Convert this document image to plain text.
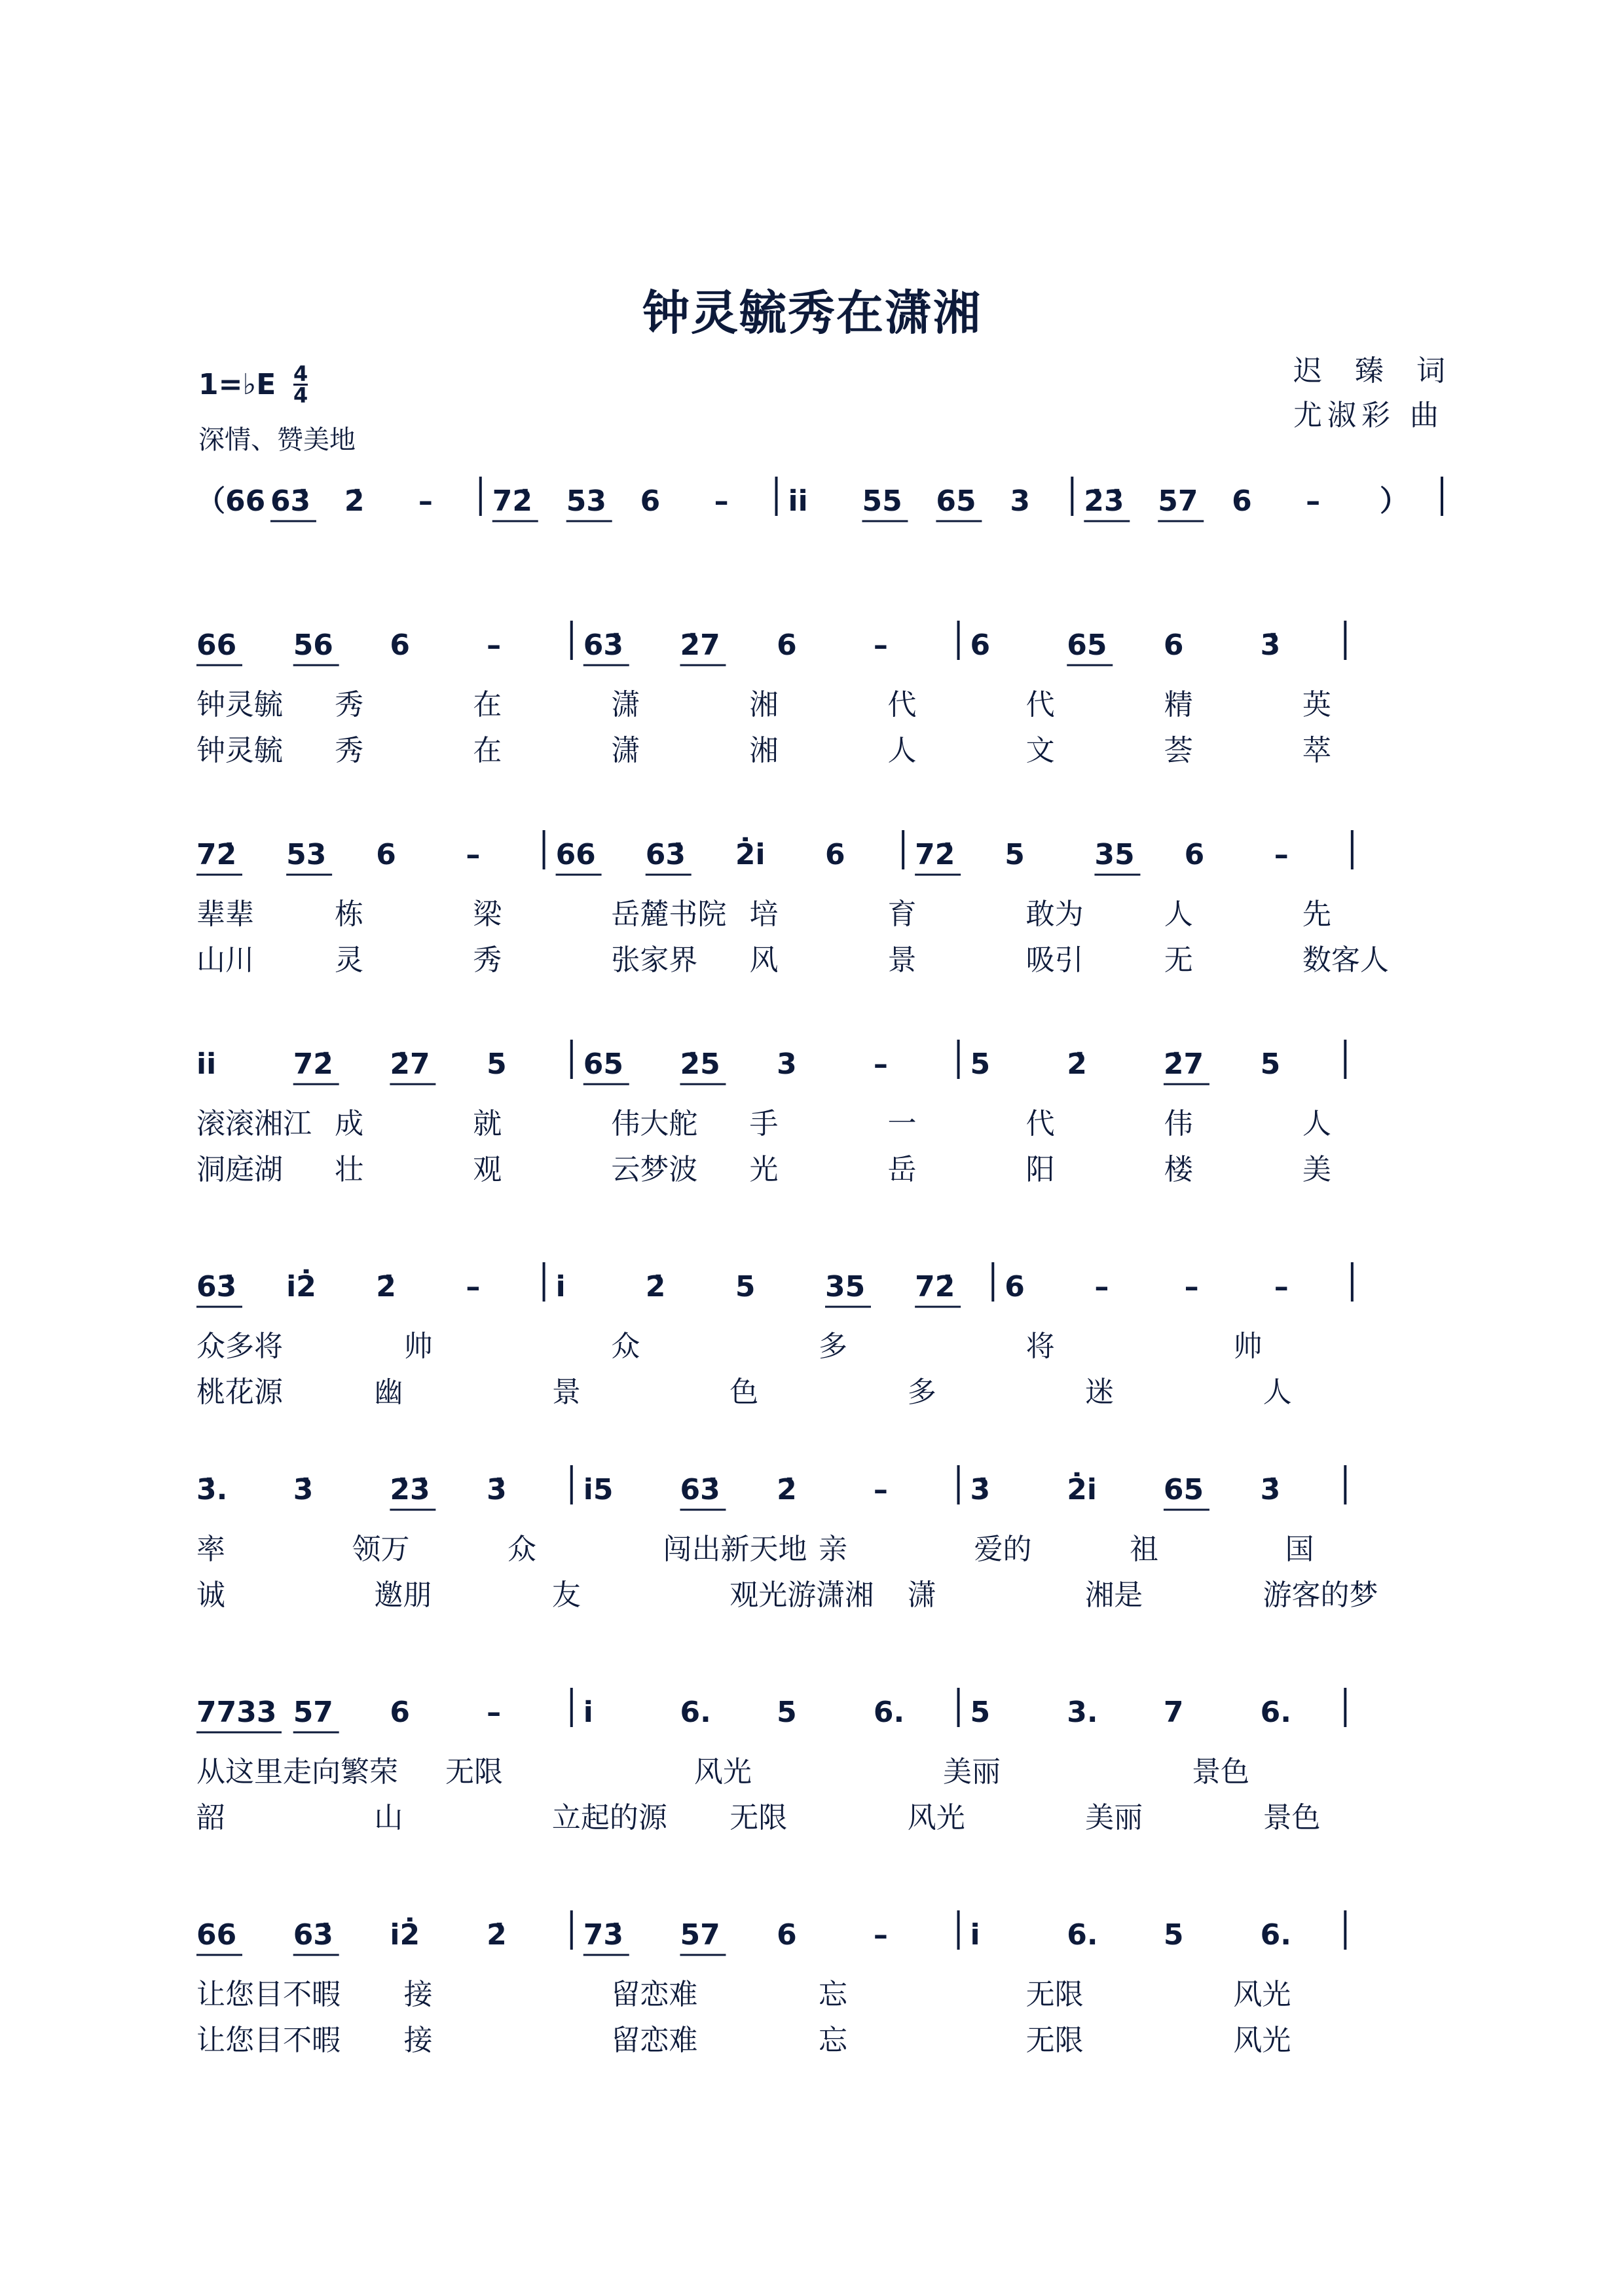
钟灵毓秀在潇湘
迟 臻 词
尤淑彩 曲
1=♭E 4
4
深情、赞美地
（66 63̇ 2̇ – 72̇ 53 6 – i̇i̇ 55 65 3 2̇3̇ 57 6 – ）
66 56 6	–	63̇ 2̇7 6	–	6	65 6	3̇
钟灵毓 秀	在	潇	湘	代	代	精	英
钟灵毓 秀	在	潇	湘	人	文	荟	萃
72̇ 53 6 –	66 63̇ 2̇i̇ 6 72̇ 5 35 6 –
辈辈	栋	梁	岳麓书院 培	育	敢为	人	先
山川	灵	秀	张家界 风	景	吸引	无	数客人
i̇i̇	72̇ 2̇7 5	65 2̇5 3	–	5	2̇	2̇7 5
滚滚湘江 成	就	伟大舵 手	一	代	伟	人
洞庭湖 壮	观	云梦波 光	岳	阳	楼	美
63̇ i̇2̇ 2̇ –	i̇	2̇ 5 35 72̇ 6 –	–	–
众多将	帅	众	多	将	帅
桃花源	幽	景	色	多	迷	人
3̇. 3̇	2̇3̇ 3̇	i̇5 63̇ 2̇	–	3̇	2̇i̇ 65 3̇
率	领万	众	闯出新天地 亲	爱的	祖	国
诚	邀朋	友	观光游潇湘 潇	湘是	游客的梦
7733 57 6	–	i̇	6. 5	6. 5	3. 7	6.
从这里走向繁荣 无限	风光	美丽	景色
韶	山	立起的源 无限	风光	美丽	景色
66 63̇ i̇2̇ 2̇	73̇ 57 6	–	i̇	6. 5	6.
让您目不暇 接	留恋难	忘	无限	风光
让您目不暇 接	留恋难	忘	无限	风光
